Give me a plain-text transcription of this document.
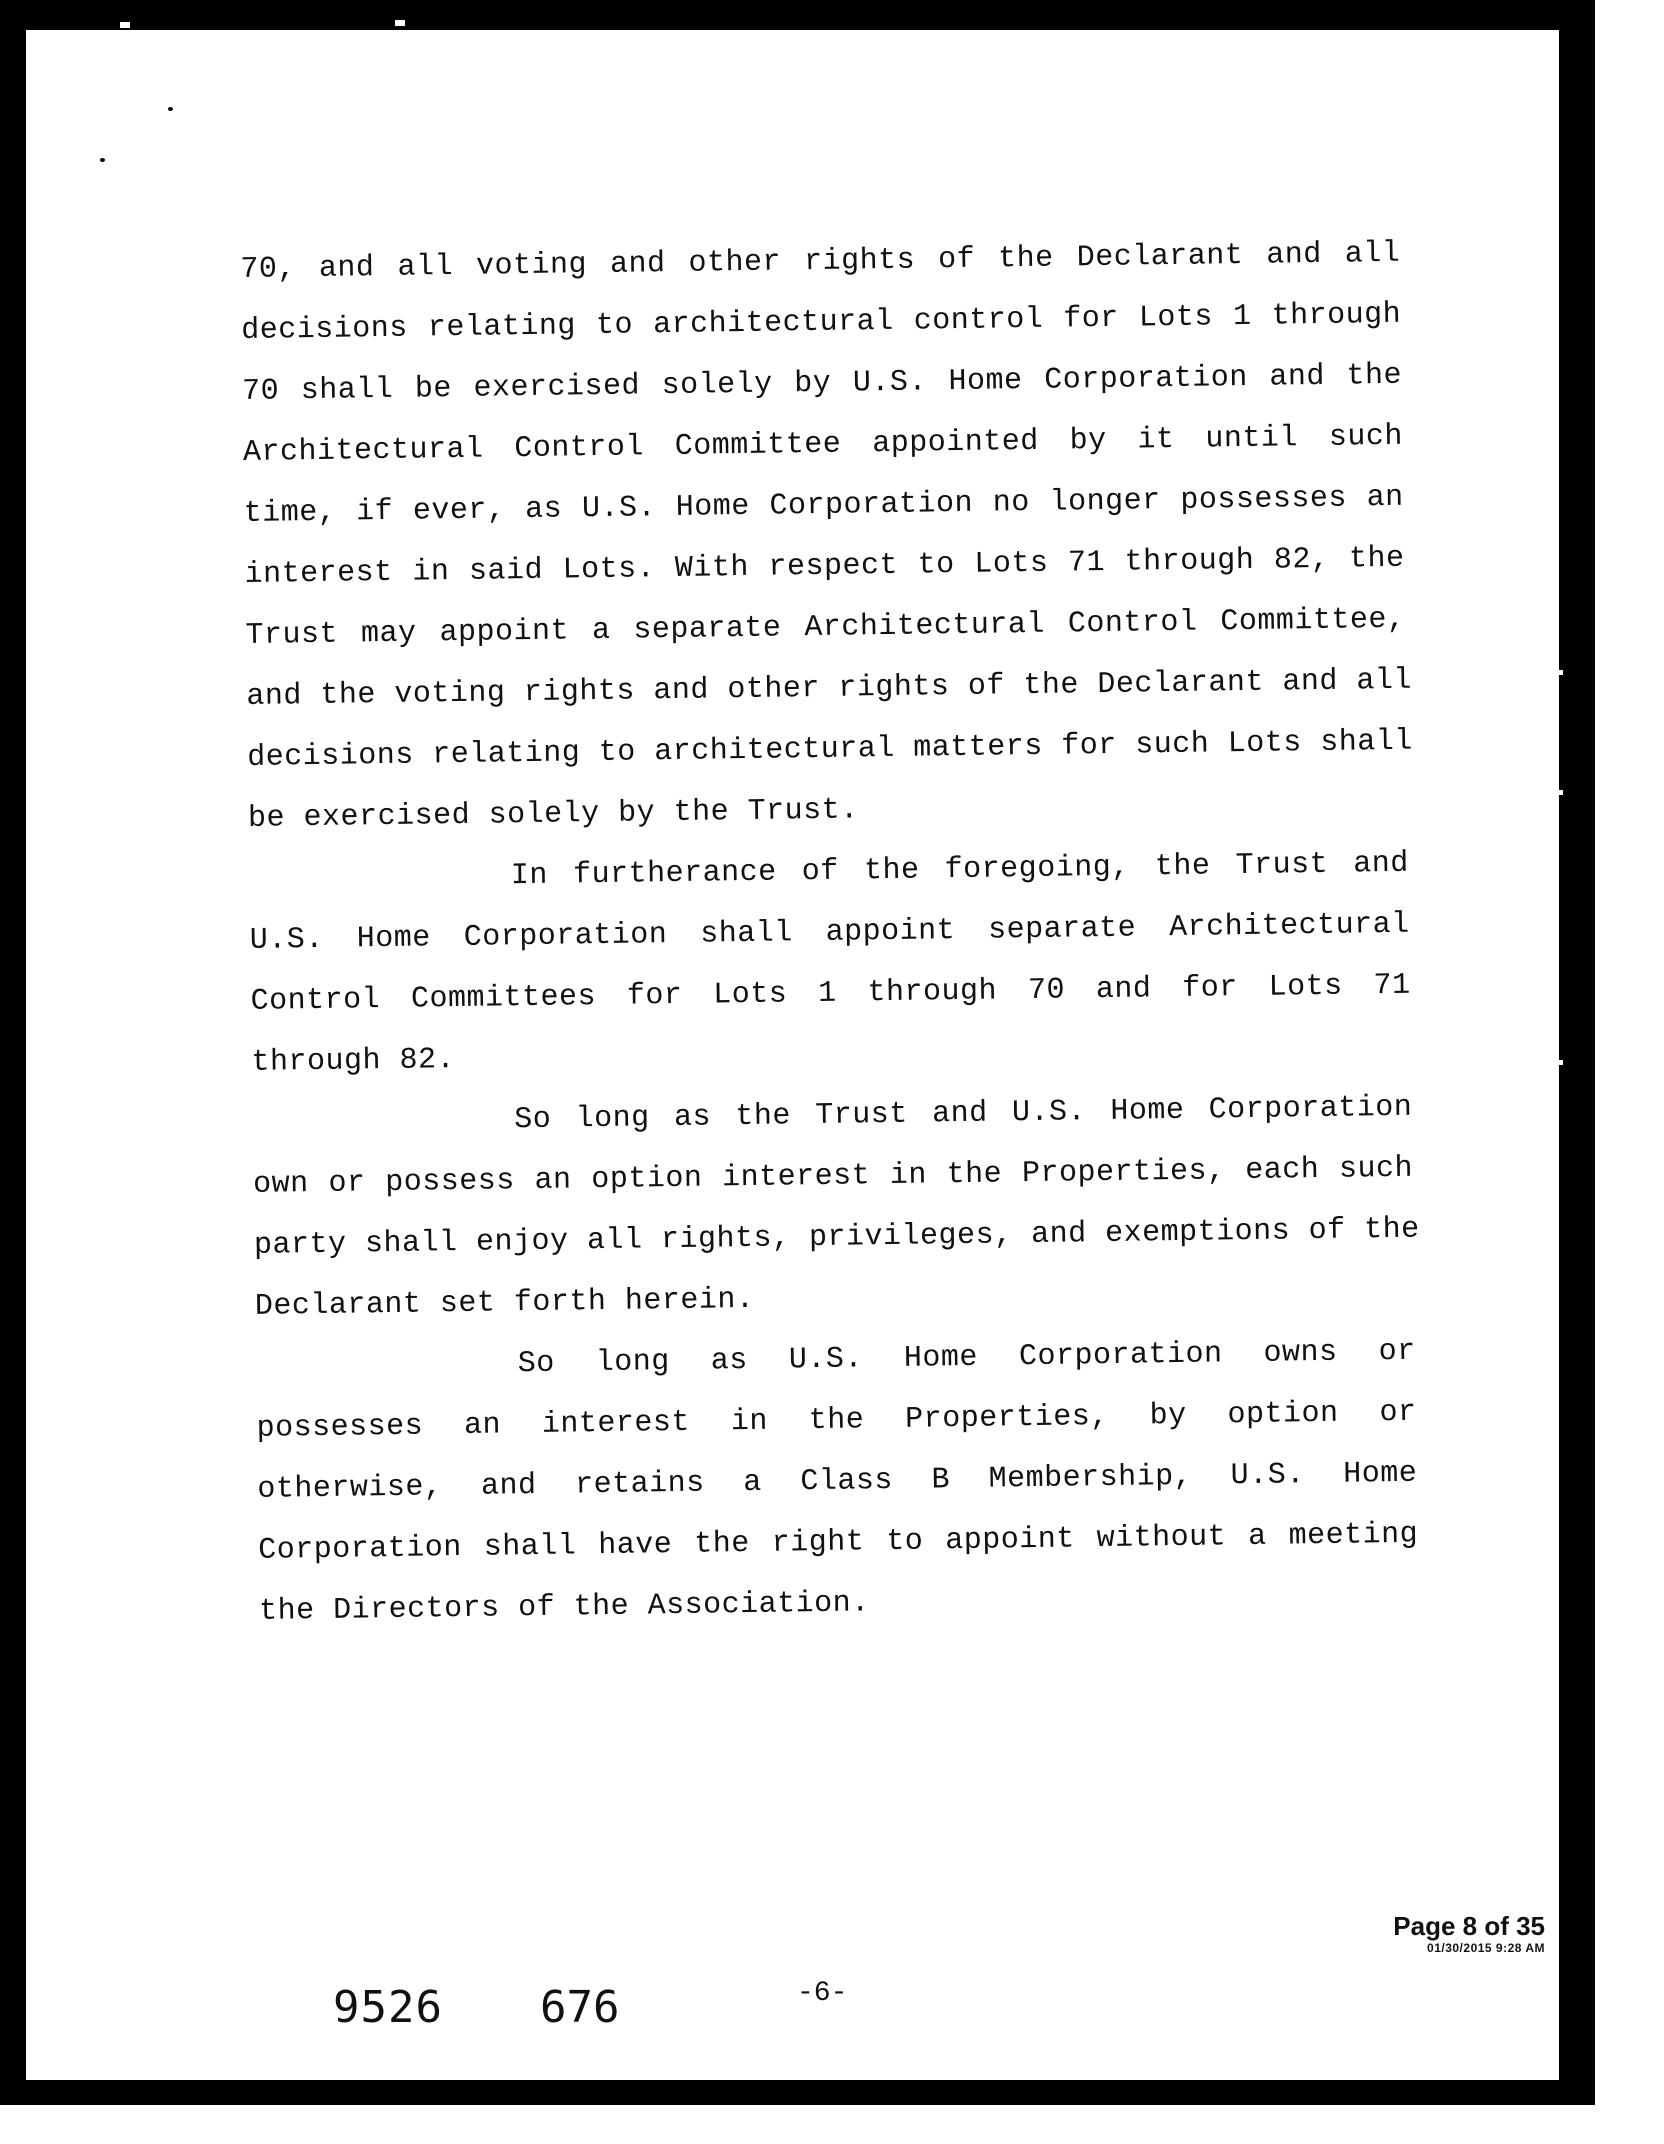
70, and all voting and other rights of the Declarant and all
decisions relating to architectural control for Lots 1 through
70 shall be exercised solely by U.S. Home Corporation and the
Architectural Control Committee appointed by it until such
time, if ever, as U.S. Home Corporation no longer possesses an
interest in said Lots. With respect to Lots 71 through 82, the
Trust may appoint a separate Architectural Control Committee,
and the voting rights and other rights of the Declarant and all
decisions relating to architectural matters for such Lots shall
be exercised solely by the Trust.
In furtherance of the foregoing, the Trust and
U.S. Home Corporation shall appoint separate Architectural
Control Committees for Lots 1 through 70 and for Lots 71
through 82.
So long as the Trust and U.S. Home Corporation
own or possess an option interest in the Properties, each such
party shall enjoy all rights, privileges, and exemptions of the
Declarant set forth herein.
So long as U.S. Home Corporation owns or
possesses an interest in the Properties, by option or
otherwise, and retains a Class B Membership, U.S. Home
Corporation shall have the right to appoint without a meeting
the Directors of the Association.
Page 8 of 35
01/30/2015 9:28 AM
9526 676	-6-
